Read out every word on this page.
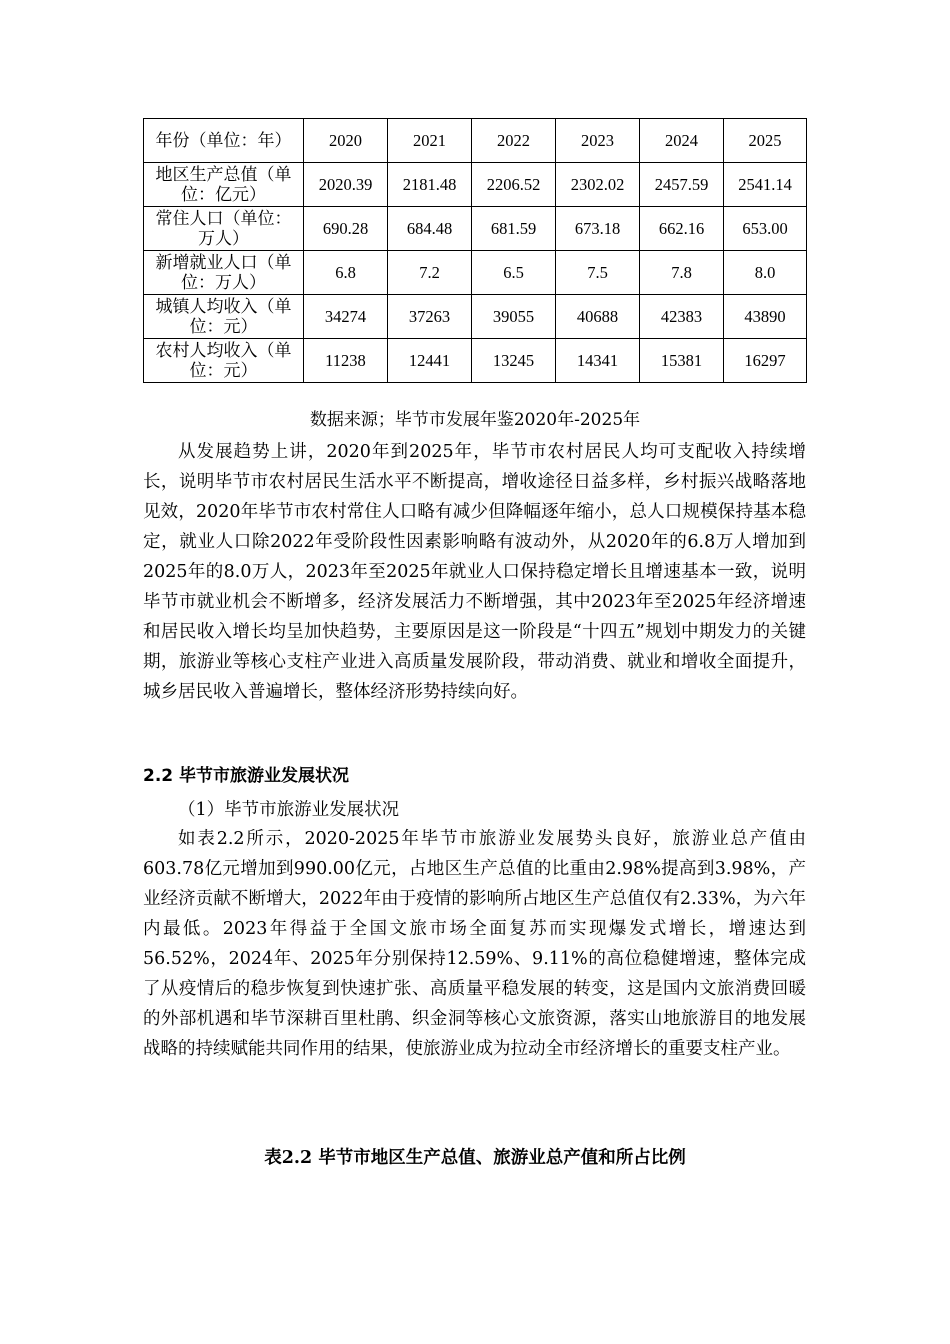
年份（单位：年）	2020	2021	2022	2023	2024	2025
地区生产总值（单位：亿元）	2020.39	2181.48	2206.52	2302.02	2457.59	2541.14
常住人口（单位：万人）	690.28	684.48	681.59	673.18	662.16	653.00
新增就业人口（单位：万人）	6.8	7.2	6.5	7.5	7.8	8.0
城镇人均收入（单位：元）	34274	37263	39055	40688	42383	43890
农村人均收入（单位：元）	11238	12441	13245	14341	15381	16297
数据来源；毕节市发展年鉴2020年-2025年

从发展趋势上讲，2020年到2025年，毕节市农村居民人均可支配收入持续增长，说明毕节市农村居民生活水平不断提高，增收途径日益多样，乡村振兴战略落地见效，2020年毕节市农村常住人口略有减少但降幅逐年缩小，总人口规模保持基本稳定，就业人口除2022年受阶段性因素影响略有波动外，从2020年的6.8万人增加到2025年的8.0万人，2023年至2025年就业人口保持稳定增长且增速基本一致，说明毕节市就业机会不断增多，经济发展活力不断增强，其中2023年至2025年经济增速和居民收入增长均呈加快趋势，主要原因是这一阶段是“十四五”规划中期发力的关键期，旅游业等核心支柱产业进入高质量发展阶段，带动消费、就业和增收全面提升，城乡居民收入普遍增长，整体经济形势持续向好。

2.2 毕节市旅游业发展状况
（1）毕节市旅游业发展状况

如表2.2所示，2020-2025年毕节市旅游业发展势头良好，旅游业总产值由603.78亿元增加到990.00亿元，占地区生产总值的比重由2.98%提高到3.98%，产业经济贡献不断增大，2022年由于疫情的影响所占地区生产总值仅有2.33%，为六年内最低。2023年得益于全国文旅市场全面复苏而实现爆发式增长，增速达到56.52%，2024年、2025年分别保持12.59%、9.11%的高位稳健增速，整体完成了从疫情后的稳步恢复到快速扩张、高质量平稳发展的转变，这是国内文旅消费回暖的外部机遇和毕节深耕百里杜鹃、织金洞等核心文旅资源，落实山地旅游目的地发展战略的持续赋能共同作用的结果，使旅游业成为拉动全市经济增长的重要支柱产业。

表2.2 毕节市地区生产总值、旅游业总产值和所占比例
